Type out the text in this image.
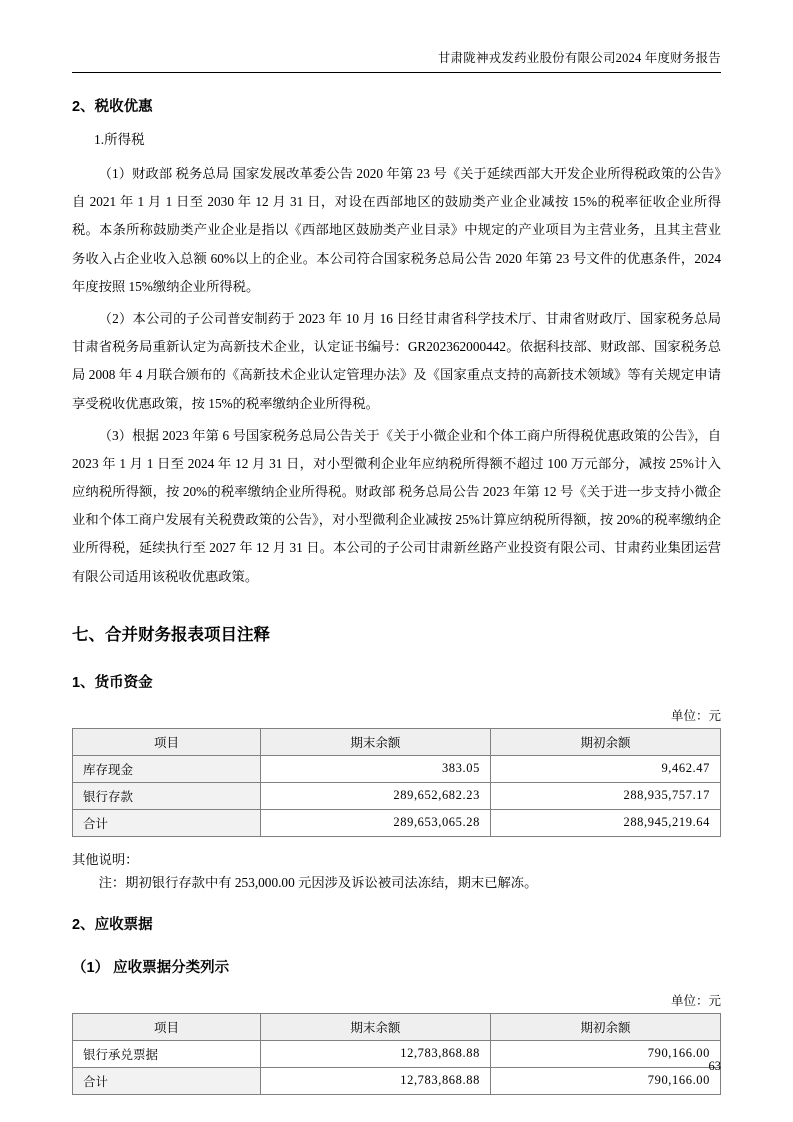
甘肃陇神戎发药业股份有限公司2024 年度财务报告
2、税收优惠
1.所得税

（1）财政部 税务总局 国家发展改革委公告 2020 年第 23 号《关于延续西部大开发企业所得税政策的公告》自 2021 年 1 月 1 日至 2030 年 12 月 31 日，对设在西部地区的鼓励类产业企业减按 15%的税率征收企业所得税。本条所称鼓励类产业企业是指以《西部地区鼓励类产业目录》中规定的产业项目为主营业务，且其主营业务收入占企业收入总额 60%以上的企业。本公司符合国家税务总局公告 2020 年第 23 号文件的优惠条件，2024 年度按照 15%缴纳企业所得税。

（2）本公司的子公司普安制药于 2023 年 10 月 16 日经甘肃省科学技术厅、甘肃省财政厅、国家税务总局甘肃省税务局重新认定为高新技术企业，认定证书编号：GR202362000442。依据科技部、财政部、国家税务总局 2008 年 4 月联合颁布的《高新技术企业认定管理办法》及《国家重点支持的高新技术领域》等有关规定申请享受税收优惠政策，按 15%的税率缴纳企业所得税。

（3）根据 2023 年第 6 号国家税务总局公告关于《关于小微企业和个体工商户所得税优惠政策的公告》，自 2023 年 1 月 1 日至 2024 年 12 月 31 日，对小型微利企业年应纳税所得额不超过 100 万元部分，减按 25%计入应纳税所得额，按 20%的税率缴纳企业所得税。财政部 税务总局公告 2023 年第 12 号《关于进一步支持小微企业和个体工商户发展有关税费政策的公告》，对小型微利企业减按 25%计算应纳税所得额，按 20%的税率缴纳企业所得税，延续执行至 2027 年 12 月 31 日。本公司的子公司甘肃新丝路产业投资有限公司、甘肃药业集团运营有限公司适用该税收优惠政策。

七、合并财务报表项目注释
1、货币资金
单位：元
项目	期末余额	期初余额
库存现金	383.05	9,462.47
银行存款	289,652,682.23	288,935,757.17
合计	289,653,065.28	288,945,219.64
其他说明：
注：期初银行存款中有 253,000.00 元因涉及诉讼被司法冻结，期末已解冻。
2、应收票据
（1） 应收票据分类列示
单位：元
项目	期末余额	期初余额
银行承兑票据	12,783,868.88	790,166.00
合计	12,783,868.88	790,166.00
63
